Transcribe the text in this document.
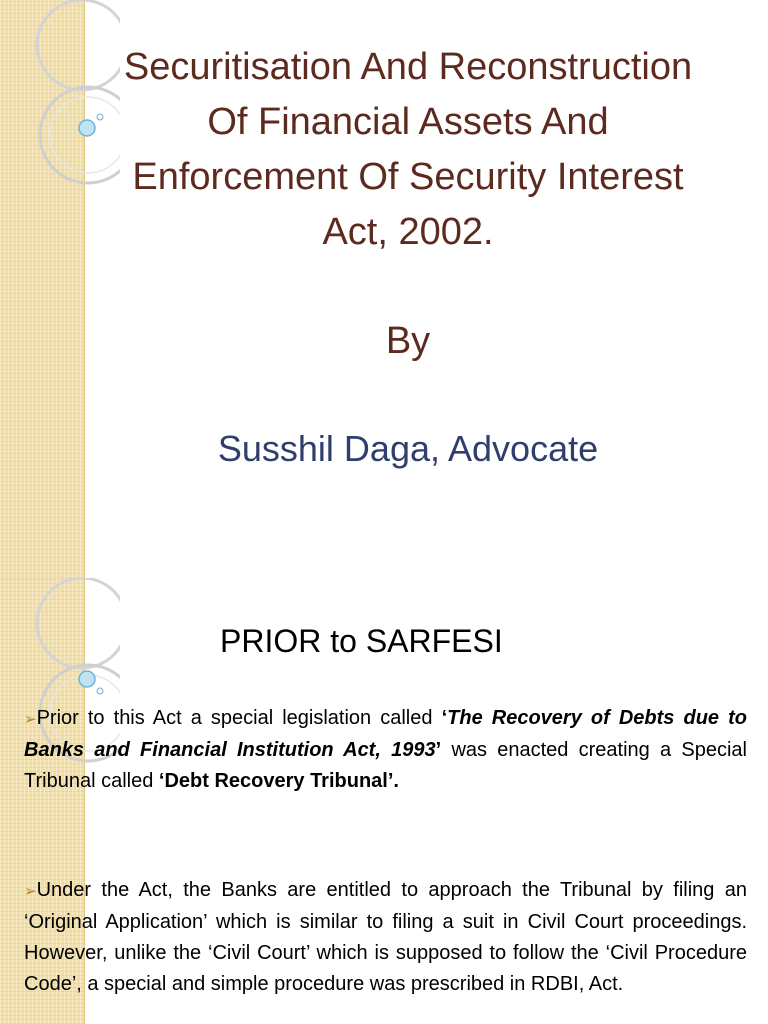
Securitisation And Reconstruction
Of Financial Assets And
Enforcement Of Security Interest
Act, 2002.
By
Susshil Daga, Advocate
PRIOR to SARFESI
➢Prior to this Act a special legislation called ‘The Recovery of Debts due to Banks and Financial Institution Act, 1993’ was enacted creating a Special Tribunal called ‘Debt Recovery Tribunal’.
➢Under the Act, the Banks are entitled to approach the Tribunal by filing an ‘Original Application’ which is similar to filing a suit in Civil Court proceedings. However, unlike the ‘Civil Court’ which is supposed to follow the ‘Civil Procedure Code’, a special and simple procedure was prescribed in RDBI, Act.
